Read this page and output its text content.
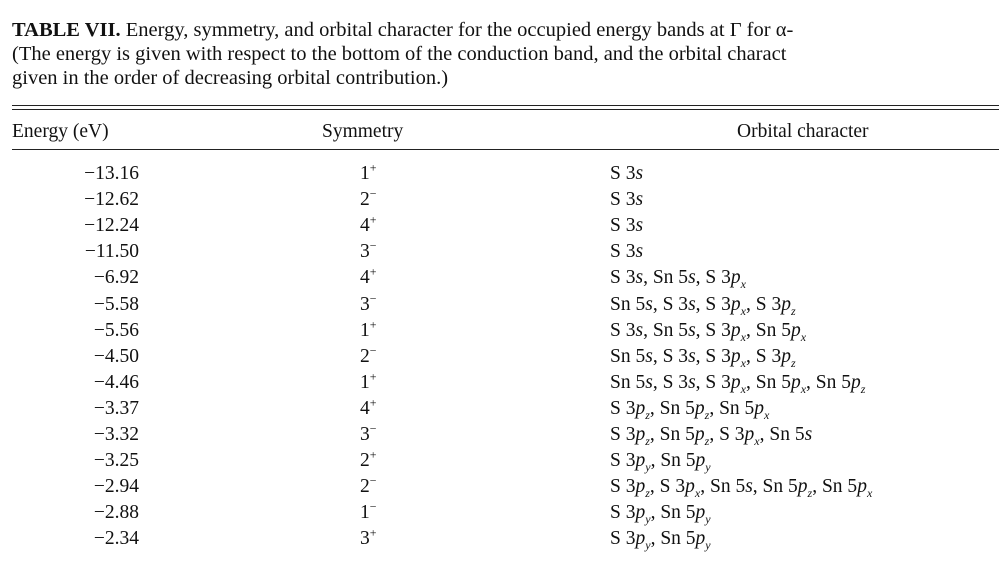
TABLE VII. Energy, symmetry, and orbital character for the occupied energy bands at Γ for α-
(The energy is given with respect to the bottom of the conduction band, and the orbital charact
given in the order of decreasing orbital contribution.)
Energy (eV)	Symmetry	Orbital character
−13.16	1+	S 3s
−12.62	2−	S 3s
−12.24	4+	S 3s
−11.50	3−	S 3s
−6.92	4+	S 3s, Sn 5s, S $3p_x$
−5.58	3−	Sn 5s, S 3s, S $3p_x$, S $3p_z$
−5.56	1+	S 3s, Sn 5s, S $3p_x$, Sn $5p_x$
−4.50	2−	Sn 5s, S 3s, S $3p_x$, S $3p_z$
−4.46	1+	Sn 5s, S 3s, S $3p_x$, Sn $5p_x$, Sn $5p_z$
−3.37	4+	S $3p_z$, Sn $5p_z$, Sn $5p_x$
−3.32	3−	S $3p_z$, Sn $5p_z$, S $3p_x$, Sn 5s
−3.25	2+	S $3p_y$, Sn $5p_y$
−2.94	2−	S $3p_z$, S $3p_x$, Sn 5s, Sn $5p_z$, Sn $5p_x$
−2.88	1−	S $3p_y$, Sn $5p_y$
−2.34	3+	S $3p_y$, Sn $5p_y$
